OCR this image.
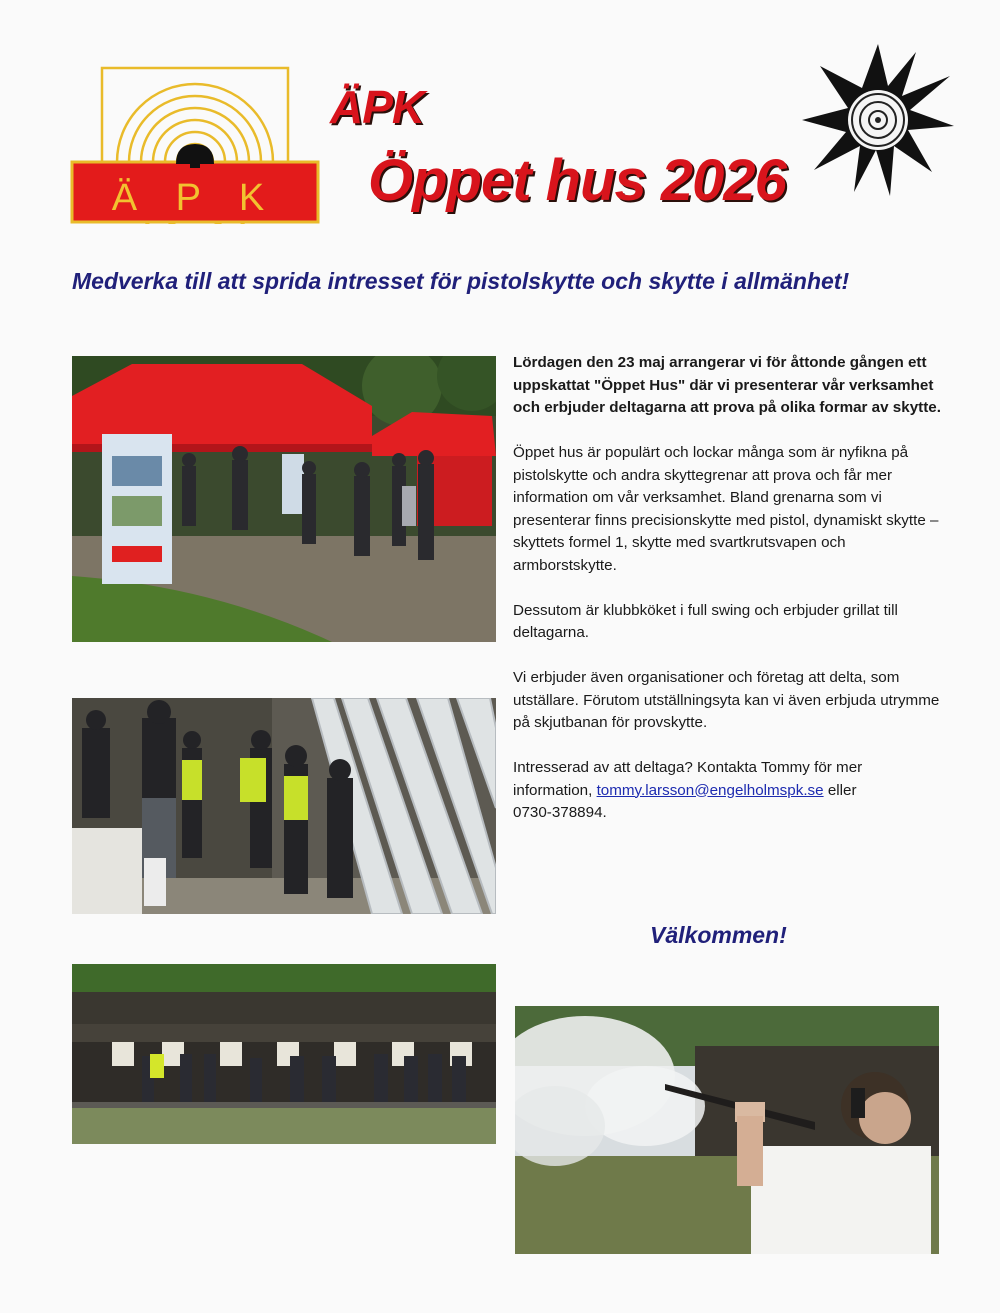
Ä P K
ÄPK
Öppet hus 2026
Medverka till att sprida intresset för pistolskytte och skytte i allmänhet!

Lördagen den 23 maj arrangerar vi för åttonde gången ett uppskattat "Öppet Hus" där vi presenterar vår verksamhet och erbjuder deltagarna att prova på olika formar av skytte.

Öppet hus är populärt och lockar många som är nyfikna på pistolskytte och andra skyttegrenar att prova och får mer information om vår verksamhet. Bland grenarna som vi presenterar finns precisionskytte med pistol, dynamiskt skytte – skyttets formel 1, skytte med svartkrutsvapen och armborstskytte.

Dessutom är klubbköket i full swing och erbjuder grillat till deltagarna.

Vi erbjuder även organisationer och företag att delta, som utställare. Förutom utställningsyta kan vi även erbjuda utrymme på skjutbanan för provskytte.

Intresserad av att deltaga? Kontakta Tommy för mer information, tommy.larsson@engelholmspk.se eller
0730-378894.

Välkommen!
